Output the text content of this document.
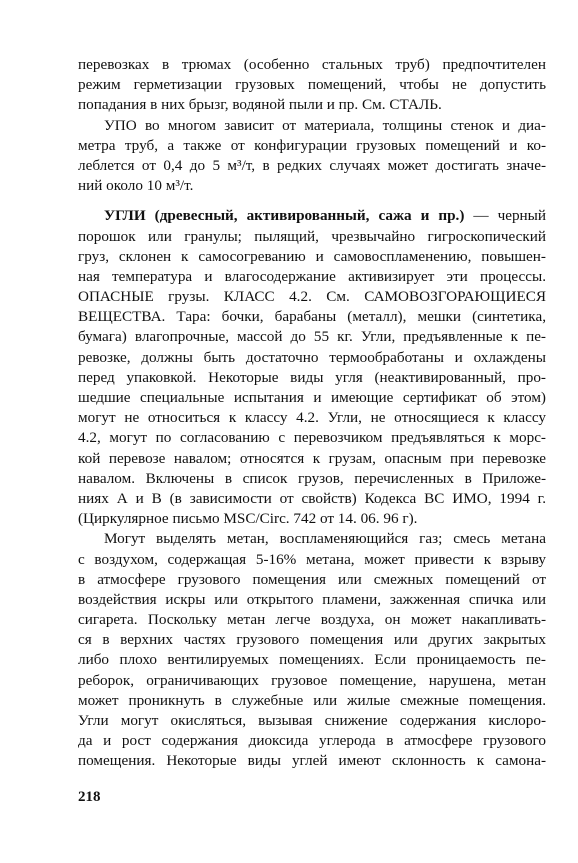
перевозках в трюмах (особенно стальных труб) предпочтителен
режим герметизации грузовых помещений, чтобы не допустить
попадания в них брызг, водяной пыли и пр. См. СТАЛЬ.
УПО во многом зависит от материала, толщины стенок и диа-
метра труб, а также от конфигурации грузовых помещений и ко-
леблется от 0,4 до 5 м³/т, в редких случаях может достигать значе-
ний около 10 м³/т.
УГЛИ (древесный, активированный, сажа и пр.) — черный
порошок или гранулы; пылящий, чрезвычайно гигроскопический
груз, склонен к самосогреванию и самовоспламенению, повышен-
ная температура и влагосодержание активизирует эти процессы.
ОПАСНЫЕ грузы. КЛАСС 4.2. См. САМОВОЗГОРАЮЩИЕСЯ
ВЕЩЕСТВА. Тара: бочки, барабаны (металл), мешки (синтетика,
бумага) влагопрочные, массой до 55 кг. Угли, предъявленные к пе-
ревозке, должны быть достаточно термообработаны и охлаждены
перед упаковкой. Некоторые виды угля (неактивированный, про-
шедшие специальные испытания и имеющие сертификат об этом)
могут не относиться к классу 4.2. Угли, не относящиеся к классу
4.2, могут по согласованию с перевозчиком предъявляться к морс-
кой перевозе навалом; относятся к грузам, опасным при перевозке
навалом. Включены в список грузов, перечисленных в Приложе-
ниях А и В (в зависимости от свойств) Кодекса ВС ИМО, 1994 г.
(Циркулярное письмо MSC/Circ. 742 от 14. 06. 96 г).
Могут выделять метан, воспламеняющийся газ; смесь метана
с воздухом, содержащая 5-16% метана, может привести к взрыву
в атмосфере грузового помещения или смежных помещений от
воздействия искры или открытого пламени, зажженная спичка или
сигарета. Поскольку метан легче воздуха, он может накапливать-
ся в верхних частях грузового помещения или других закрытых
либо плохо вентилируемых помещениях. Если проницаемость пе-
реборок, ограничивающих грузовое помещение, нарушена, метан
может проникнуть в служебные или жилые смежные помещения.
Угли могут окисляться, вызывая снижение содержания кислоро-
да и рост содержания диоксида углерода в атмосфере грузового
помещения. Некоторые виды углей имеют склонность к самона-
218
